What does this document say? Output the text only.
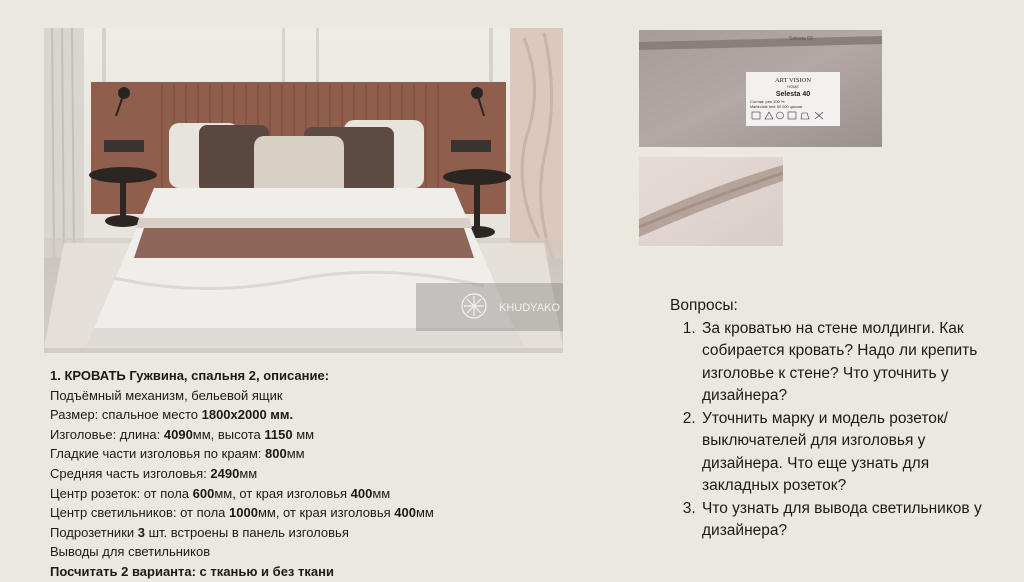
KHUDYAKO
Selesta 03
ART VISION
HOME
Selesta 40
Состав: pes 100 %
Martindale test: 60 000 циклов
1. КРОВАТЬ Гужвина, спальня 2, описание:
Подъёмный механизм, бельевой ящик
Размер: спальное место 1800х2000 мм.
Изголовье: длина: 4090мм, высота 1150 мм
Гладкие части изголовья по краям: 800мм
Средняя часть изголовья: 2490мм
Центр розеток: от пола 600мм, от края изголовья 400мм
Центр светильников: от пола 1000мм, от края изголовья 400мм
Подрозетники 3 шт. встроены в панель изголовья
Выводы для светильников
Посчитать 2 варианта: с тканью и без ткани
Вопросы:
1. За кроватью на стене молдинги. Как собирается кровать? Надо ли крепить изголовье к стене? Что уточнить у дизайнера?
2. Уточнить марку и модель розеток/выключателей для изголовья у дизайнера. Что еще узнать для закладных розеток?
3. Что узнать для вывода светильников у дизайнера?
